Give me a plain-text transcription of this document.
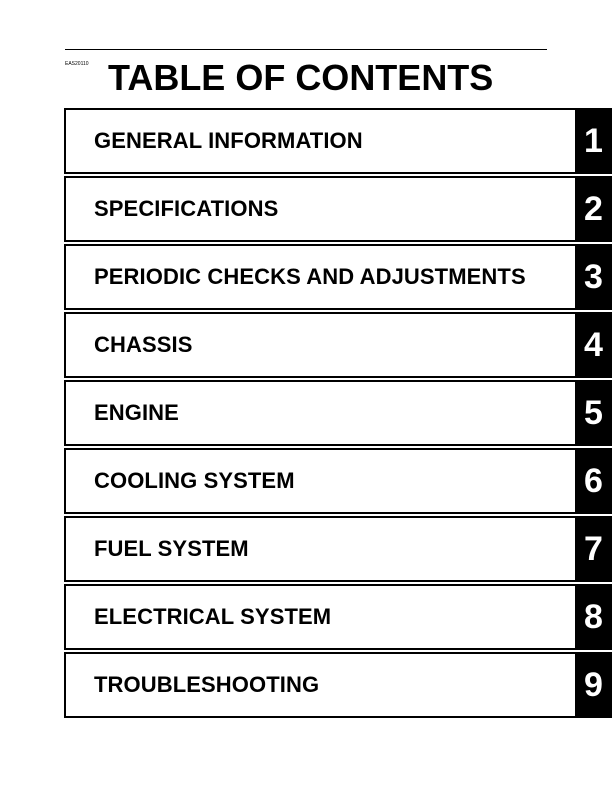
EAS20110 TABLE OF CONTENTS
GENERAL INFORMATION	1
SPECIFICATIONS	2
PERIODIC CHECKS AND ADJUSTMENTS 3
CHASSIS	4
ENGINE	5
COOLING SYSTEM	6
FUEL SYSTEM	7
ELECTRICAL SYSTEM	8
TROUBLESHOOTING	9
